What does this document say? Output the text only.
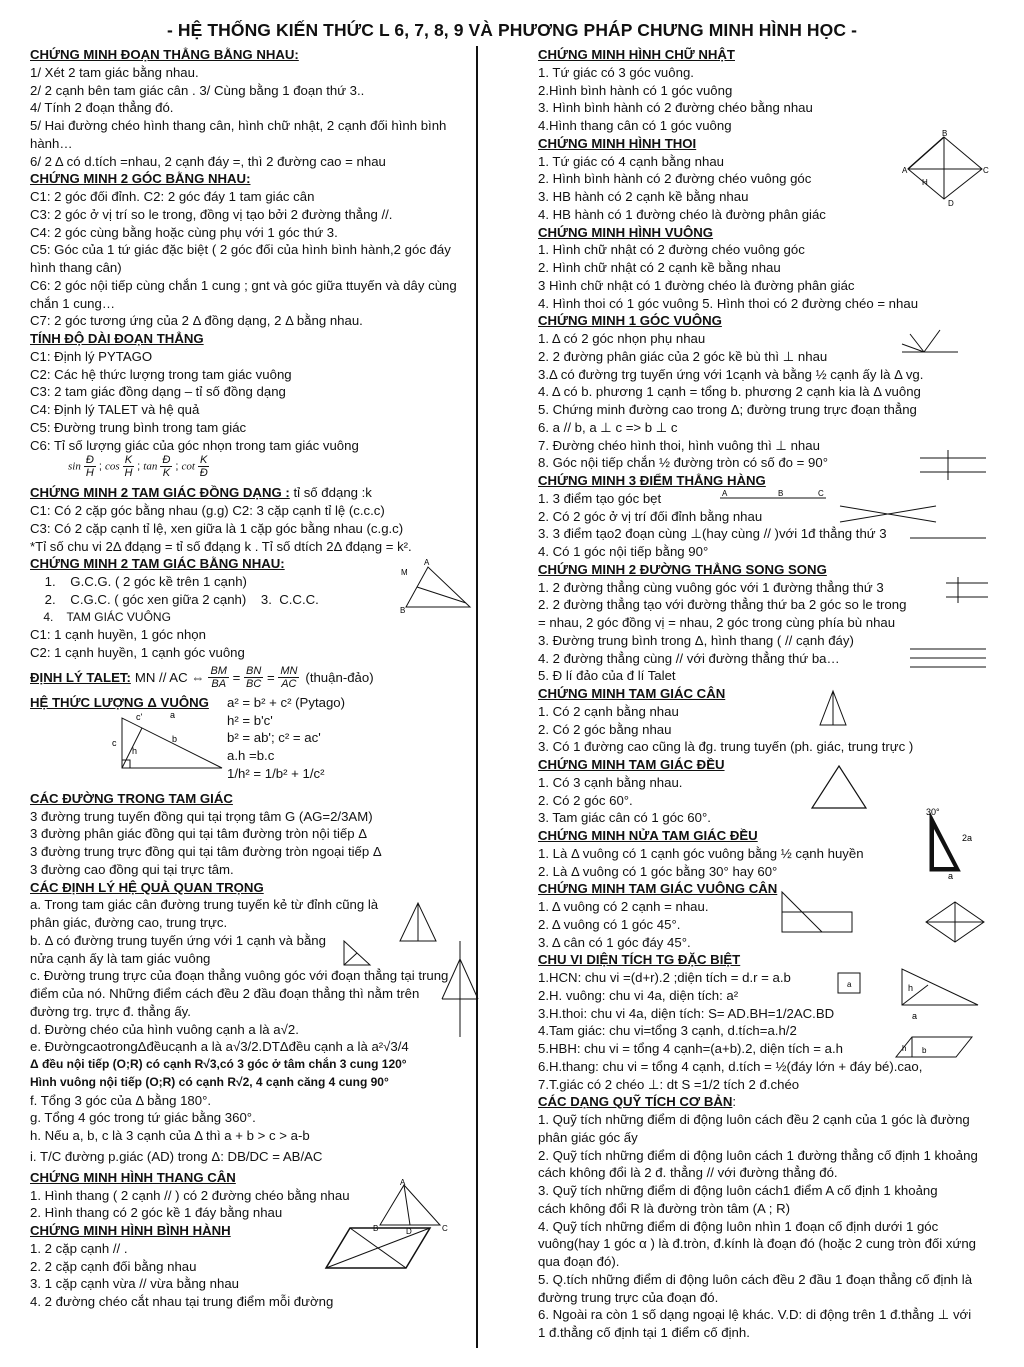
- HỆ THỐNG KIẾN THỨC L 6, 7, 8, 9 VÀ PHƯƠNG PHÁP CHƯNG MINH HÌNH HỌC -
CHỨNG MINH ĐOẠN THẲNG BẰNG NHAU:
1/ Xét 2 tam giác bằng nhau.
2/ 2 cạnh bên tam giác cân . 3/ Cùng bằng 1 đoạn thứ 3..
4/ Tính 2 đoạn thẳng đó.
5/ Hai đường chéo hình thang cân, hình chữ nhật, 2 cạnh đối hình bình hành…
6/ 2 Δ có d.tích =nhau, 2 cạnh đáy =, thì 2 đường cao = nhau
CHỨNG MINH 2 GÓC BẰNG NHAU:
C1: 2 góc đối đỉnh. C2: 2 góc đáy 1 tam giác cân
C3: 2 góc ở vị trí so le trong, đồng vị tạo bởi 2 đường thẳng //.
C4: 2 góc cùng bằng hoặc cùng phụ với 1 góc thứ 3.
C5: Góc của 1 tứ giác đặc biệt ( 2 góc đối của hình bình hành,2 góc đáy hình thang cân)
C6: 2 góc nội tiếp cùng chắn 1 cung ; gnt và góc giữa ttuyến và dây cùng chắn 1 cung…
C7: 2 góc tương ứng của 2 Δ đồng dạng, 2 Δ bằng nhau.
TÍNH ĐỘ DÀI ĐOẠN THẲNG
C1: Định lý PYTAGO
C2: Các hệ thức lượng trong tam giác vuông
C3: 2 tam giác đồng dạng – tỉ số đồng dạng
C4: Định lý TALET và hệ quả
C5: Đường trung bình trong tam giác
C6: Tỉ số lượng giác của góc nhọn trong tam giác vuông
$\sin \frac{Đ}{H}$ ; $\cos \frac{K}{H}$ ; $\tan \frac{Đ}{K}$ ; $\cot \frac{K}{Đ}$
CHỨNG MINH 2 TAM GIÁC ĐỒNG DẠNG : tỉ số đdạng :k
C1: Có 2 cặp góc bằng nhau (g.g) C2: 3 cặp cạnh tỉ lệ (c.c.c)
C3: Có 2 cặp cạnh tỉ lệ, xen giữa là 1 cặp góc bằng nhau (c.g.c)
*Tỉ số chu vi 2Δ đdạng = tỉ số đdạng k . Tỉ số dtích 2Δ đdạng = k².
CHỨNG MINH 2 TAM GIÁC BẰNG NHAU:
1.    G.C.G. ( 2 góc kề trên 1 cạnh)
2.    C.G.C. ( góc xen giữa 2 cạnh)    3.  C.C.C.
4.    TAM GIÁC VUÔNG
C1: 1 cạnh huyền, 1 góc nhọn
C2: 1 cạnh huyền, 1 cạnh góc vuông
M
B
A
ĐỊNH LÝ TALET: MN // AC ⇔ $\frac{BM}{BA} = \frac{BN}{BC} = \frac{MN}{AC}$ (thuận-đảo)
HỆ THỨC LƯỢNG Δ VUÔNG a² = b² + c² (Pytago)
h² = b'c'
b² = ab'; c² = ac'
a.h =b.c
1/h² = 1/b² + 1/c²
c	b
h
c'	a
CÁC ĐƯỜNG TRONG TAM GIÁC
3 đường trung tuyến đồng qui tại trọng tâm G (AG=2/3AM)
3 đường phân giác đồng qui tại tâm đường tròn nội tiếp Δ
3 đường trung trực đồng qui tại tâm đường tròn ngoại tiếp Δ
3 đường cao đồng qui tại trực tâm.
CÁC ĐỊNH LÝ HỆ QUẢ QUAN TRỌNG
a. Trong tam giác cân đường trung tuyến kẻ từ đỉnh cũng là phân giác, đường cao, trung trực.
b. Δ có đường trung tuyến ứng với 1 cạnh và bằng nửa cạnh ấy là tam giác vuông
c. Đường trung trực của đoạn thẳng vuông góc với đoạn thẳng tại trung điểm của nó. Những điểm cách đều 2 đầu đoạn thẳng thì nằm trên đường trg. trực đ. thẳng ấy.
d. Đường chéo của hình vuông cạnh a là a√2.
e. ĐườngcaotrongΔđềucạnh a là a√3/2.DTΔđều cạnh a là a²√3/4
Δ đều nội tiếp (O;R) có cạnh R√3,có 3 góc ở tâm chắn 3 cung 120°
Hình vuông nội tiếp (O;R) có cạnh R√2, 4 cạnh căng 4 cung 90°
f. Tổng 3 góc của Δ bằng 180°.
g. Tổng 4 góc trong tứ giác bằng 360°.
h. Nếu a, b, c là 3 cạnh của Δ thì a + b > c > a-b
i. T/C đường p.giác (AD) trong Δ: DB/DC = AB/AC
A
B	C
D
CHỨNG MINH HÌNH THANG CÂN
1. Hình thang ( 2 cạnh // ) có 2 đường chéo bằng nhau
2. Hình thang có 2 góc kề 1 đáy bằng nhau
CHỨNG MINH HÌNH BÌNH HÀNH
1. 2 cặp cạnh // .
2. 2 cặp cạnh đối bằng nhau
3. 1 cặp cạnh vừa // vừa bằng nhau
4. 2 đường chéo cắt nhau tại trung điểm mỗi đường
CHỨNG MINH HÌNH CHỮ NHẬT
1. Tứ giác có 3 góc vuông.
2.Hình bình hành có 1 góc vuông
3. Hình bình hành có 2 đường chéo bằng nhau
4.Hình thang cân có 1 góc vuông
CHỨNG MINH HÌNH THOI
1. Tứ giác có 4 cạnh bằng nhau
2. Hình bình hành có 2 đường chéo vuông góc
3. HB hành có 2 cạnh kề bằng nhau
4. HB hành có 1 đường chéo là đường phân giác
A
B
C
D
H
CHỨNG MINH HÌNH VUÔNG
1. Hình chữ nhật có 2 đường chéo vuông góc
2. Hình chữ nhật có 2 cạnh kề bằng nhau
3 Hình chữ nhật có 1 đường chéo là đường phân giác
4. Hình thoi có 1 góc vuông 5. Hình thoi có 2 đường chéo = nhau
CHỨNG MINH 1 GÓC VUÔNG
1. Δ có 2 góc nhọn phụ nhau
2. 2 đường phân giác của 2 góc kề bù thì ⊥ nhau
3.Δ có đường trg tuyến ứng với 1cạnh và bằng ½ cạnh ấy là Δ vg.
4. Δ có b. phương 1 cạnh = tổng b. phương 2 cạnh kia là Δ vuông
5. Chứng minh đường cao trong Δ; đường trung trực đoạn thẳng
6. a // b, a ⊥ c => b ⊥ c
7. Đường chéo hình thoi, hình vuông thì ⊥ nhau
8. Góc nội tiếp chắn ½ đường tròn có số đo = 90°
CHỨNG MINH 3 ĐIỂM THẲNG HÀNG
1. 3 điểm tạo góc bẹt
2. Có 2 góc ở vị trí đối đỉnh bằng nhau
3. 3 điểm tạo2 đoạn cùng ⊥(hay cùng // )với 1đ thẳng thứ 3
4. Có 1 góc nội tiếp bằng 90°
A	B	C
CHỨNG MINH 2 ĐƯỜNG THẲNG SONG SONG
1. 2 đường thẳng cùng vuông góc với 1 đường thẳng thứ 3
2. 2 đường thẳng tạo với đường thẳng thứ ba 2 góc so le trong
= nhau, 2 góc đồng vị = nhau, 2 góc trong cùng phía bù nhau
3. Đường trung bình trong Δ, hình thang ( // cạnh đáy)
4. 2 đường thẳng cùng // với đường thẳng thứ ba…
5. Đ lí đảo của đ lí Talet
CHỨNG MINH TAM GIÁC CÂN
1. Có 2 cạnh bằng nhau
2. Có 2 góc bằng nhau
3. Có 1 đường cao cũng là đg. trung tuyến (ph. giác, trung trực )
CHỨNG MINH TAM GIÁC ĐỀU
1. Có 3 cạnh bằng nhau.
2. Có 2 góc 60°.
3. Tam giác cân có 1 góc 60°.
CHỨNG MINH NỬA TAM GIÁC ĐỀU
1. Là Δ vuông có 1 cạnh góc vuông bằng ½ cạnh huyền
2. Là Δ vuông có 1 góc bằng 30° hay 60°
30°
2a
a
CHỨNG MINH TAM GIÁC VUÔNG CÂN
1. Δ vuông có 2 cạnh = nhau.
2. Δ vuông có 1 góc 45°.
3. Δ cân có 1 góc đáy 45°.
CHU VI DIỆN TÍCH TG ĐẶC BIỆT
1.HCN: chu vi =(d+r).2 ;diện tích = d.r = a.b
2.H. vuông: chu vi 4a, diện tích: a²
3.H.thoi: chu vi 4a, diện tích: S= AD.BH=1/2AC.BD
4.Tam giác: chu vi=tổng 3 cạnh, d.tích=a.h/2
5.HBH: chu vi = tổng 4 cạnh=(a+b).2, diện tích = a.h
6.H.thang: chu vi = tổng 4 cạnh, d.tích = ½(đáy lớn + đáy bé).cao,
7.T.giác có 2 chéo ⊥: dt S =1/2 tích 2 đ.chéo
a	h
a
b
h
CÁC DẠNG QUỸ TÍCH CƠ BẢN:
1. Quỹ tích những điểm di động luôn cách đều 2 cạnh của 1 góc là đường phân giác góc ấy
2. Quỹ tích những điểm di động luôn cách 1 đường thẳng cố định 1 khoảng cách không đổi là 2 đ. thẳng // với đường thẳng đó.
3. Quỹ tích những điểm di động luôn cách1 điểm A cố định 1 khoảng cách không đổi R là đường tròn tâm (A ; R)
4. Quỹ tích những điểm di động luôn nhìn 1 đoạn cố định dưới 1 góc vuông(hay 1 góc α ) là đ.tròn, đ.kính là đoạn đó (hoặc 2 cung tròn đối xứng qua đoạn đó).
5. Q.tích những điểm di động luôn cách đều 2 đầu 1 đoạn thẳng cố định là đường trung trực của đoạn đó.
6. Ngoài ra còn 1 số dạng ngoại lệ khác. V.D: di động trên 1 đ.thẳng ⊥ với 1 đ.thẳng cố định tại 1 điểm cố định.
